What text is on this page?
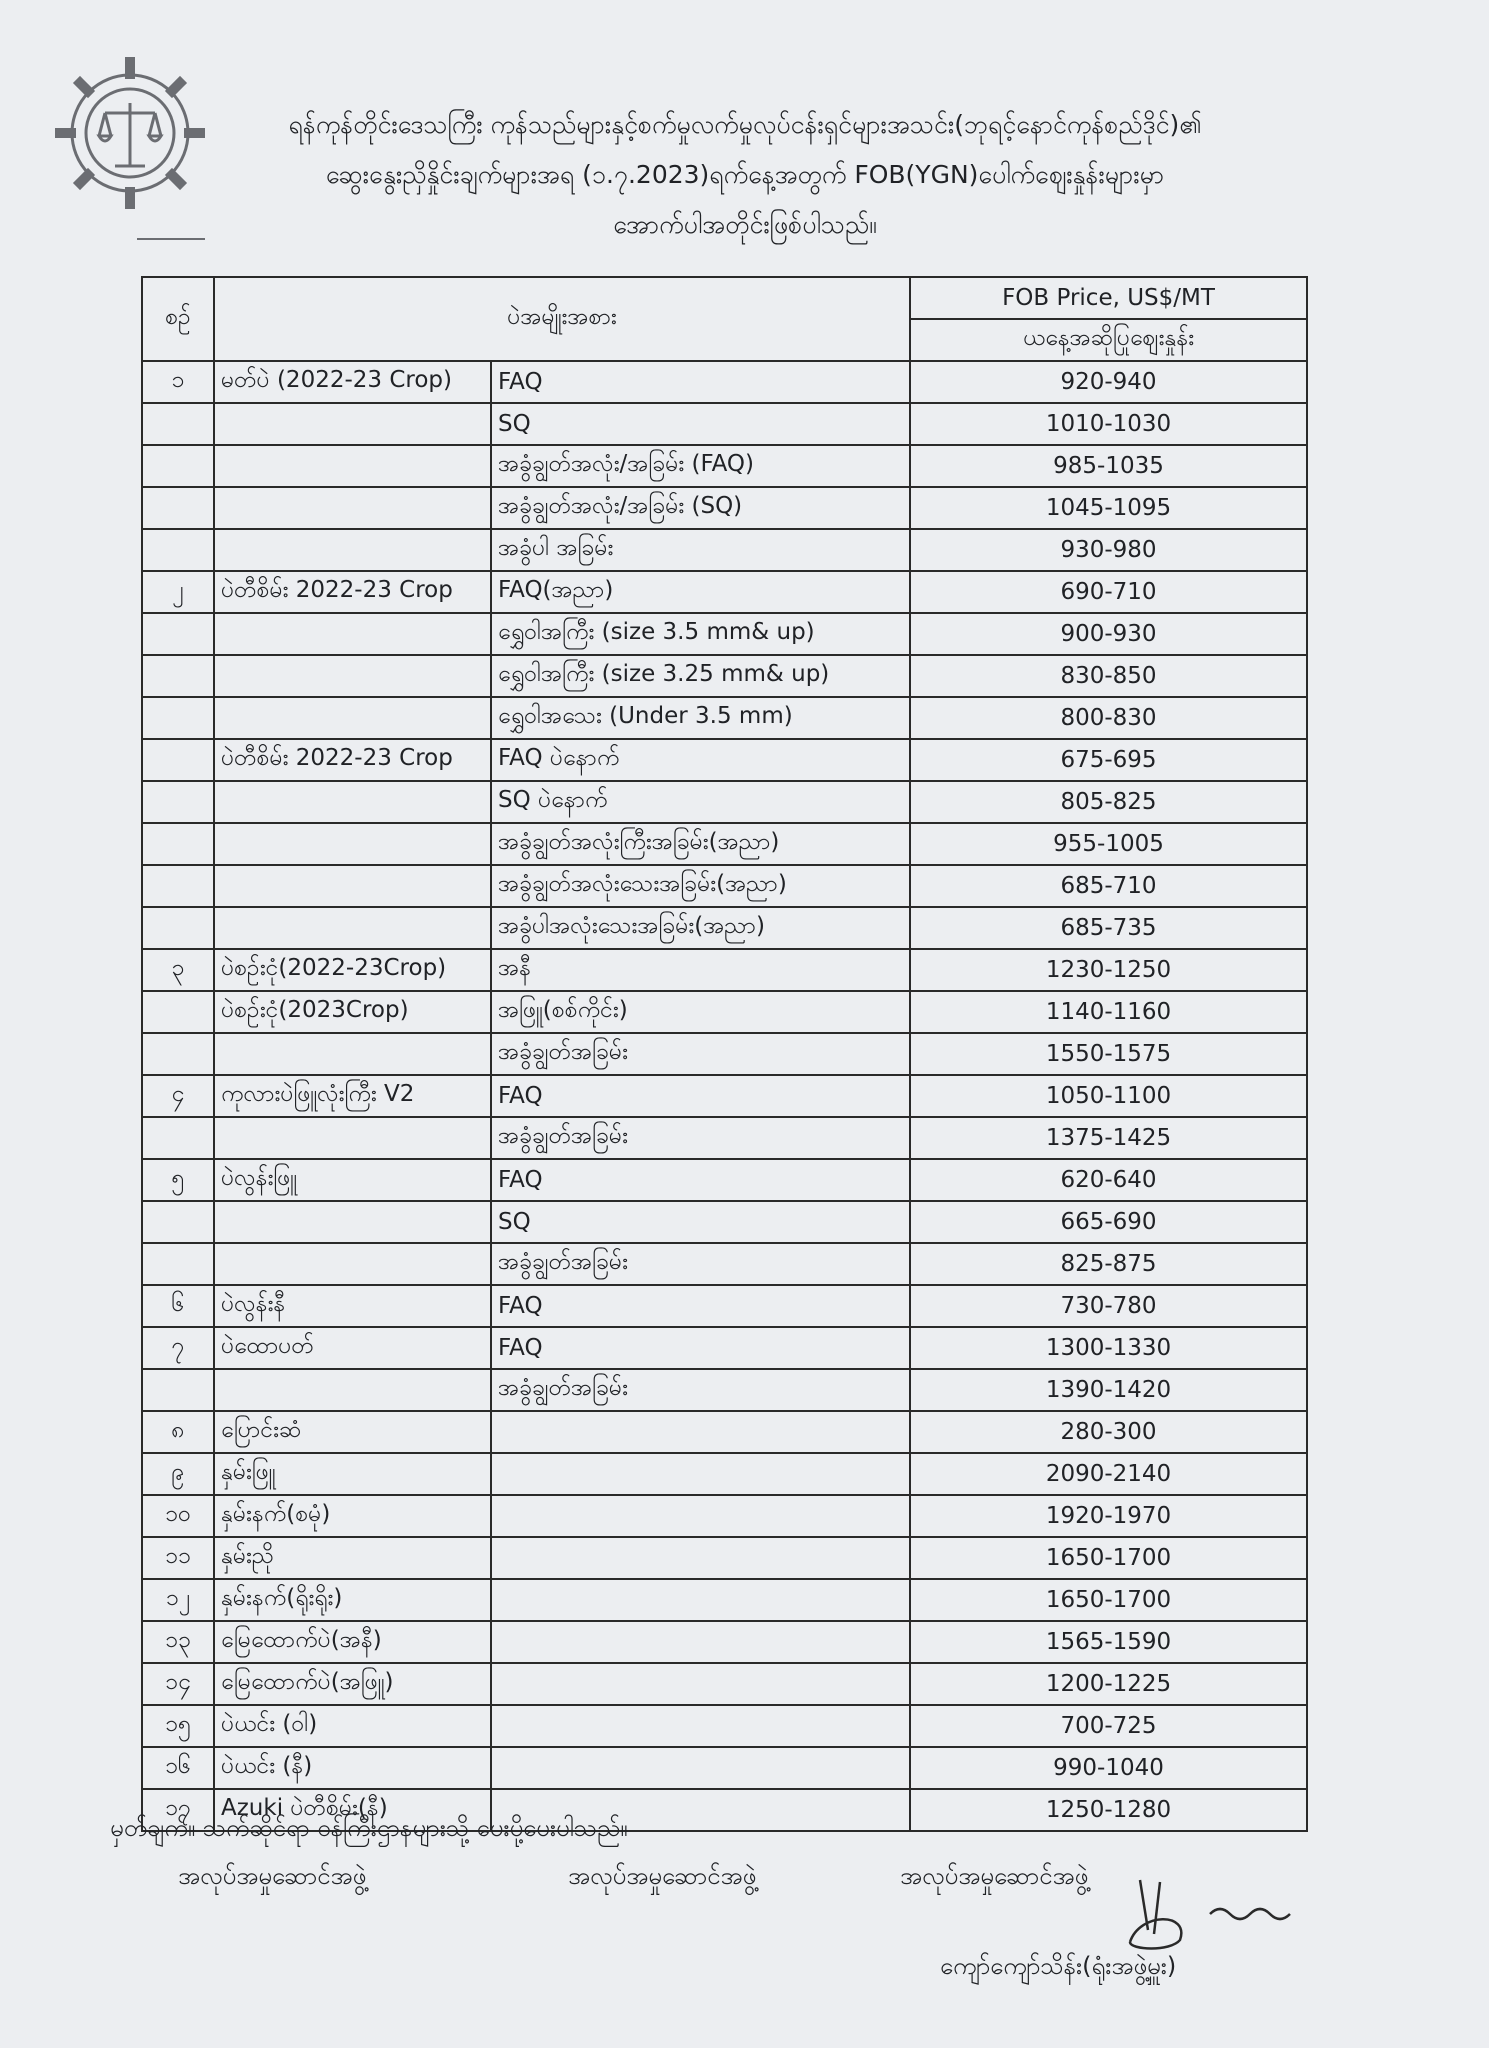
ရန်ကုန်တိုင်းဒေသကြီး ကုန်သည်များနှင့်စက်မှုလက်မှုလုပ်ငန်းရှင်များအသင်း(ဘုရင့်နောင်ကုန်စည်ဒိုင်)၏
ဆွေးနွေးညှိနှိုင်းချက်များအရ (၁.၇.2023)ရက်နေ့အတွက် FOB(YGN)ပေါက်ဈေးနှုန်းများမှာ
အောက်ပါအတိုင်းဖြစ်ပါသည်။
စဉ်	ပဲအမျိုးအစား		FOB Price, US$/MT
			ယနေ့အဆိုပြုဈေးနှုန်း
၁	မတ်ပဲ (2022-23 Crop)	FAQ	920-940
		SQ	1010-1030
		အခွံချွတ်အလုံး/အခြမ်း (FAQ)	985-1035
		အခွံချွတ်အလုံး/အခြမ်း (SQ)	1045-1095
		အခွံပါ အခြမ်း	930-980
၂	ပဲတီစိမ်း 2022-23 Crop	FAQ(အညာ)	690-710
		ရွှေဝါအကြီး (size 3.5 mm& up)	900-930
		ရွှေဝါအကြီး (size 3.25 mm& up)	830-850
		ရွှေဝါအသေး (Under 3.5 mm)	800-830
	ပဲတီစိမ်း 2022-23 Crop	FAQ ပဲနောက်	675-695
		SQ ပဲနောက်	805-825
		အခွံချွတ်အလုံးကြီးအခြမ်း(အညာ)	955-1005
		အခွံချွတ်အလုံးသေးအခြမ်း(အညာ)	685-710
		အခွံပါအလုံးသေးအခြမ်း(အညာ)	685-735
၃	ပဲစဉ်းငုံ(2022-23Crop)	အနီ	1230-1250
	ပဲစဉ်းငုံ(2023Crop)	အဖြူ(စစ်ကိုင်း)	1140-1160
		အခွံချွတ်အခြမ်း	1550-1575
၄	ကုလားပဲဖြူလုံးကြီး V2	FAQ	1050-1100
		အခွံချွတ်အခြမ်း	1375-1425
၅	ပဲလွန်းဖြူ	FAQ	620-640
		SQ	665-690
		အခွံချွတ်အခြမ်း	825-875
၆	ပဲလွန်းနီ	FAQ	730-780
၇	ပဲထောပတ်	FAQ	1300-1330
		အခွံချွတ်အခြမ်း	1390-1420
၈	ပြောင်းဆံ		280-300
၉	နှမ်းဖြူ		2090-2140
၁၀	နှမ်းနက်(စမုံ)		1920-1970
၁၁	နှမ်းညို		1650-1700
၁၂	နှမ်းနက်(ရိုးရိုး)		1650-1700
၁၃	မြေထောက်ပဲ(အနီ)		1565-1590
၁၄	မြေထောက်ပဲ(အဖြူ)		1200-1225
၁၅	ပဲယင်း (ဝါ)		700-725
၁၆	ပဲယင်း (နီ)		990-1040
၁၇	Azuki ပဲတီစိမ်း(နီ)		1250-1280
မှတ်ချက်။ သက်ဆိုင်ရာ ဝန်ကြီးဌာနများသို့ ပေးပို့ပေးပါသည်။
အလုပ်အမှုဆောင်အဖွဲ့	အလုပ်အမှုဆောင်အဖွဲ့	အလုပ်အမှုဆောင်အဖွဲ့
ကျော်ကျော်သိန်း(ရုံးအဖွဲ့မှူး)
